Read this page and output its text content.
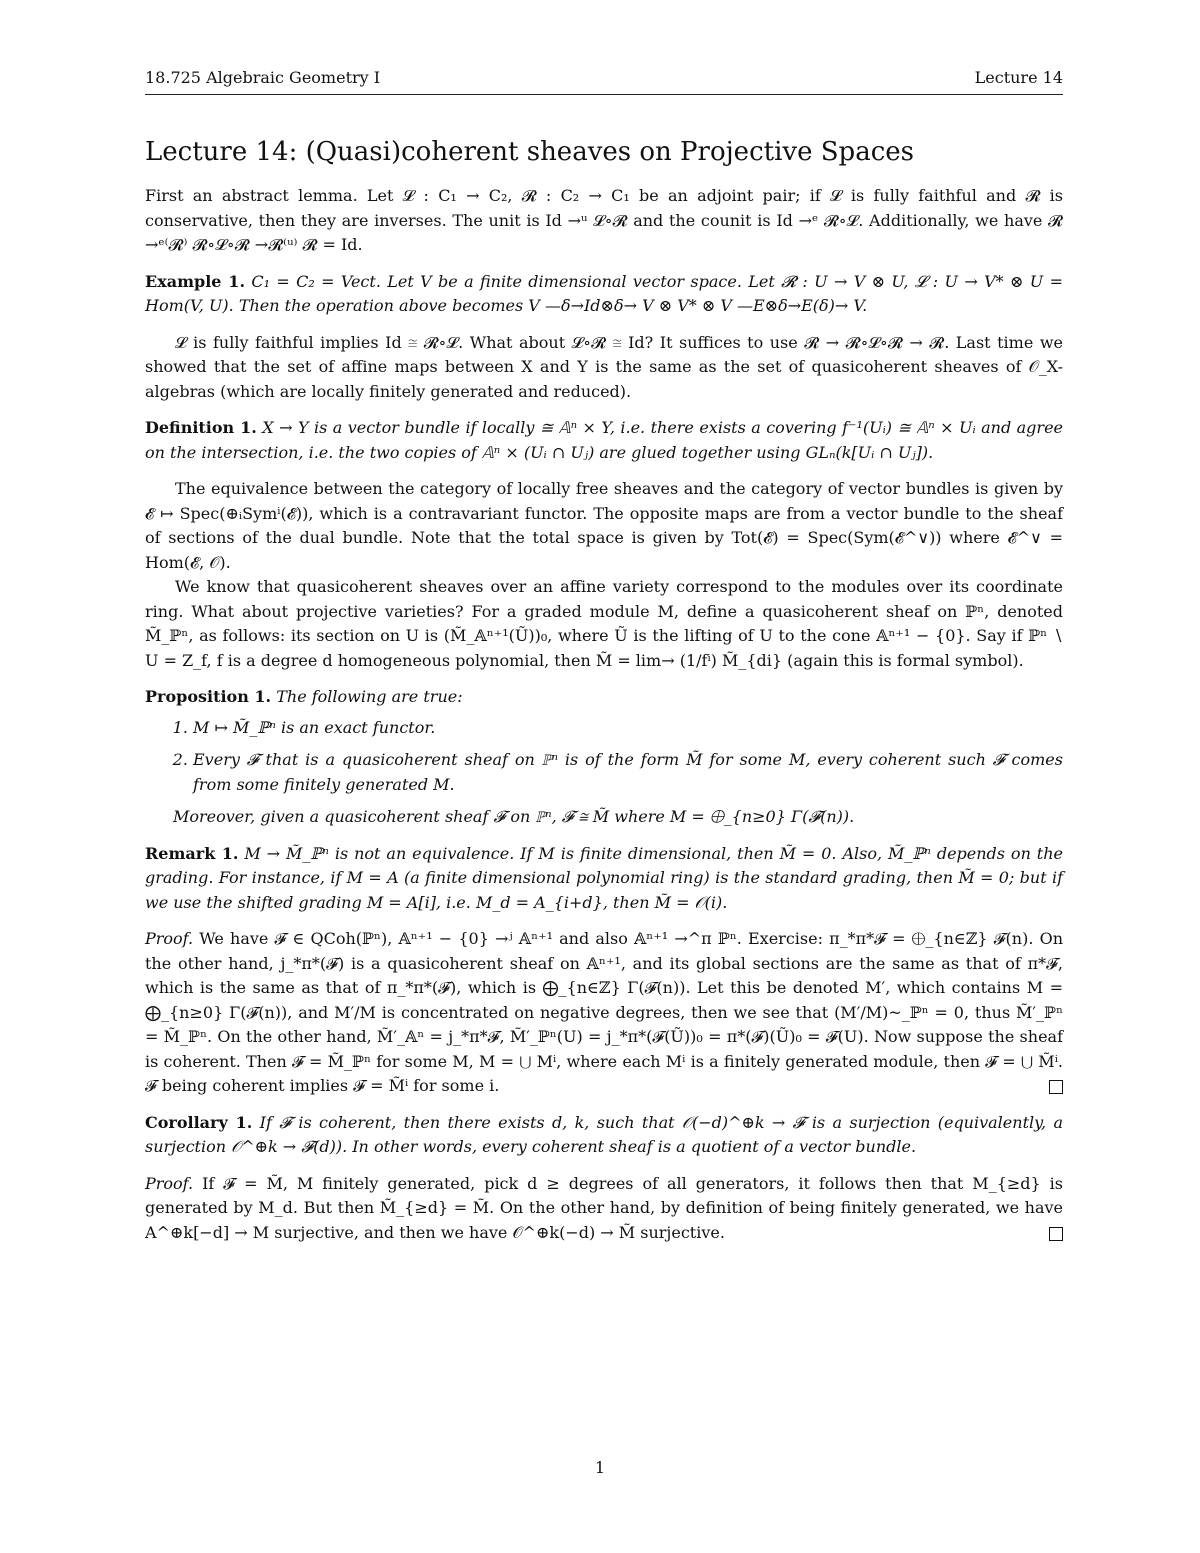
18.725 Algebraic Geometry I	Lecture 14
Lecture 14: (Quasi)coherent sheaves on Projective Spaces

First an abstract lemma. Let 𝓛 : C₁ → C₂, 𝓡 : C₂ → C₁ be an adjoint pair; if 𝓛 is fully faithful and 𝓡 is conservative, then they are inverses. The unit is Id →ᵘ 𝓛∘𝓡 and the counit is Id →ᵉ 𝓡∘𝓛. Additionally, we have 𝓡 →ᵉ⁽𝓡⁾ 𝓡∘𝓛∘𝓡 →𝓡⁽ᵘ⁾ 𝓡 = Id.

Example 1. C₁ = C₂ = Vect. Let V be a finite dimensional vector space. Let 𝓡 : U → V ⊗ U, 𝓛 : U → V* ⊗ U = Hom(V, U). Then the operation above becomes V —δ→Id⊗δ→ V ⊗ V* ⊗ V —E⊗δ→E(δ)→ V.

𝓛 is fully faithful implies Id ≅ 𝓡∘𝓛. What about 𝓛∘𝓡 ≅ Id? It suffices to use 𝓡 → 𝓡∘𝓛∘𝓡 → 𝓡. Last time we showed that the set of affine maps between X and Y is the same as the set of quasicoherent sheaves of 𝒪_X-algebras (which are locally finitely generated and reduced).

Definition 1. X → Y is a vector bundle if locally ≅ 𝔸ⁿ × Y, i.e. there exists a covering f⁻¹(Uᵢ) ≅ 𝔸ⁿ × Uᵢ and agree on the intersection, i.e. the two copies of 𝔸ⁿ × (Uᵢ ∩ Uⱼ) are glued together using GLₙ(k[Uᵢ ∩ Uⱼ]).

The equivalence between the category of locally free sheaves and the category of vector bundles is given by 𝓔 ↦ Spec(⊕ᵢSymⁱ(𝓔)), which is a contravariant functor. The opposite maps are from a vector bundle to the sheaf of sections of the dual bundle. Note that the total space is given by Tot(𝓔) = Spec(Sym(𝓔^∨)) where 𝓔^∨ = Hom(𝓔, 𝒪).

We know that quasicoherent sheaves over an affine variety correspond to the modules over its coordinate ring. What about projective varieties? For a graded module M, define a quasicoherent sheaf on ℙⁿ, denoted M̃_ℙⁿ, as follows: its section on U is (M̃_𝔸ⁿ⁺¹(Ũ))₀, where Ũ is the lifting of U to the cone 𝔸ⁿ⁺¹ − {0}. Say if ℙⁿ ∖ U = Z_f, f is a degree d homogeneous polynomial, then M̃ = lim→ (1/fⁱ) M̃_{di} (again this is formal symbol).

Proposition 1. The following are true:

1. M ↦ M̃_ℙⁿ is an exact functor.
2. Every 𝓕 that is a quasicoherent sheaf on ℙⁿ is of the form M̃ for some M, every coherent such 𝓕 comes from some finitely generated M.

Moreover, given a quasicoherent sheaf 𝓕 on ℙⁿ, 𝓕 ≅ M̃ where M = ⨁_{n≥0} Γ(𝓕(n)).

Remark 1. M → M̃_ℙⁿ is not an equivalence. If M is finite dimensional, then M̃ = 0. Also, M̃_ℙⁿ depends on the grading. For instance, if M = A (a finite dimensional polynomial ring) is the standard grading, then M̃ = 0; but if we use the shifted grading M = A[i], i.e. M_d = A_{i+d}, then M̃ = 𝒪(i).

Proof. We have 𝓕 ∈ QCoh(ℙⁿ), 𝔸ⁿ⁺¹ − {0} →ʲ 𝔸ⁿ⁺¹ and also 𝔸ⁿ⁺¹ →^π ℙⁿ. Exercise: π_*π*𝓕 = ⨁_{n∈ℤ} 𝓕(n). On the other hand, j_*π*(𝓕) is a quasicoherent sheaf on 𝔸ⁿ⁺¹, and its global sections are the same as that of π*𝓕, which is the same as that of π_*π*(𝓕), which is ⨁_{n∈ℤ} Γ(𝓕(n)). Let this be denoted M′, which contains M = ⨁_{n≥0} Γ(𝓕(n)), and M′/M is concentrated on negative degrees, then we see that (M′/M)~_ℙⁿ = 0, thus M̃′_ℙⁿ = M̃_ℙⁿ. On the other hand, M̃′_𝔸ⁿ = j_*π*𝓕, M̃′_ℙⁿ(U) = j_*π*(𝓕(Ũ))₀ = π*(𝓕)(Ũ)₀ = 𝓕(U). Now suppose the sheaf is coherent. Then 𝓕 = M̃_ℙⁿ for some M, M = ⋃ Mⁱ, where each Mⁱ is a finitely generated module, then 𝓕 = ⋃ M̃ⁱ. 𝓕 being coherent implies 𝓕 = M̃ⁱ for some i.

Corollary 1. If 𝓕 is coherent, then there exists d, k, such that 𝒪(−d)^⊕k → 𝓕 is a surjection (equivalently, a surjection 𝒪^⊕k → 𝓕(d)). In other words, every coherent sheaf is a quotient of a vector bundle.

Proof. If 𝓕 = M̃, M finitely generated, pick d ≥ degrees of all generators, it follows then that M_{≥d} is generated by M_d. But then M̃_{≥d} = M̃. On the other hand, by definition of being finitely generated, we have A^⊕k[−d] → M surjective, and then we have 𝒪^⊕k(−d) → M̃ surjective.

1
